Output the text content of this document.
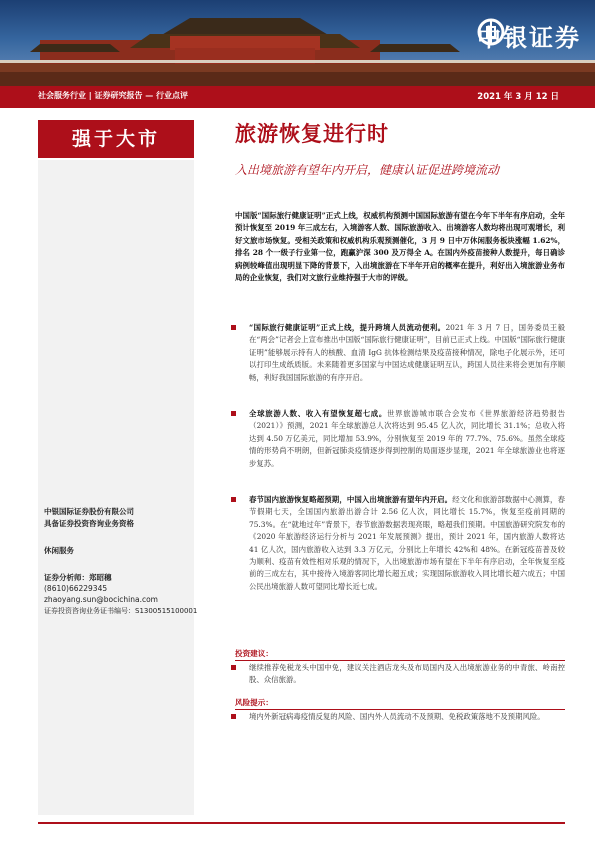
中银证券
社会服务行业 | 证券研究报告 — 行业点评	2021 年 3 月 12 日
强于大市
中银国际证券股份有限公司
具备证券投资咨询业务资格
休闲服务
证券分析师：郑昭穗
(8610)66229345
zhaoyang.sun@bocichina.com
证券投资咨询业务证书编号：S1300515100001
旅游恢复进行时
入出境旅游有望年内开启，健康认证促进跨境流动
中国版“国际旅行健康证明”正式上线，权威机构预测中国国际旅游有望在今年下半年有序启动，全年预计恢复至 2019 年三成左右，入境游客人数、国际旅游收入、出境游客人数均将出现可观增长，利好文旅市场恢复。受相关政策和权威机构乐观预测催化，3 月 9 日中万休闲服务板块涨幅 1.62%，排名 28 个一级子行业第一位，跑赢沪深 300 及万得全 A。在国内外疫苗接种人数提升，每日确诊病例较峰值出现明显下降的背景下，入出境旅游在下半年开启的概率在提升，利好出入境旅游业务布局的企业恢复，我们对文旅行业维持强于大市的评级。
“国际旅行健康证明”正式上线，提升跨境人员流动便利。2021 年 3 月 7 日，国务委员王毅在“两会”记者会上宣布推出中国版“国际旅行健康证明”，目前已正式上线。中国版“国际旅行健康证明”能够展示持有人的核酸、血清 IgG 抗体检测结果及疫苗接种情况，除电子化展示外，还可以打印生成纸质版。未来随着更多国家与中国达成健康证明互认，跨国人员往来将会更加有序顺畅，利好我国国际旅游的有序开启。
全球旅游人数、收入有望恢复超七成。世界旅游城市联合会发布《世界旅游经济趋势报告（2021）》预测，2021 年全球旅游总人次将达到 95.45 亿人次，同比增长 31.1%；总收入将达到 4.50 万亿美元，同比增加 53.9%，分别恢复至 2019 年的 77.7%、75.6%。虽然全球疫情的形势尚不明朗，但新冠肺炎疫情逐步得到控制的局面逐步显现，2021 年全球旅游业也将逐步复苏。
春节国内旅游恢复略超预期，中国入出境旅游有望年内开启。经文化和旅游部数据中心测算，春节假期七天，全国国内旅游出游合计 2.56 亿人次，同比增长 15.7%，恢复至疫前同期的 75.3%。在“就地过年”背景下，春节旅游数据表现亮眼，略超我们预期。中国旅游研究院发布的《2020 年旅游经济运行分析与 2021 年发展预测》提出，预计 2021 年，国内旅游人数将达 41 亿人次，国内旅游收入达到 3.3 万亿元，分别比上年增长 42%和 48%。在新冠疫苗普及较为顺利、疫苗有效性相对乐观的情况下，入出境旅游市场有望在下半年有序启动，全年恢复至疫前的三成左右，其中接待入境游客同比增长超五成；实现国际旅游收入同比增长超六成五；中国公民出境旅游人数可望同比增长近七成。
投资建议：
继续推荐免税龙头中国中免，建议关注酒店龙头及布局国内及入出境旅游业务的中青旅、岭南控股、众信旅游。
风险提示：
境内外新冠病毒疫情反复的风险、国内外人员流动不及预期、免税政策落地不及预期风险。
